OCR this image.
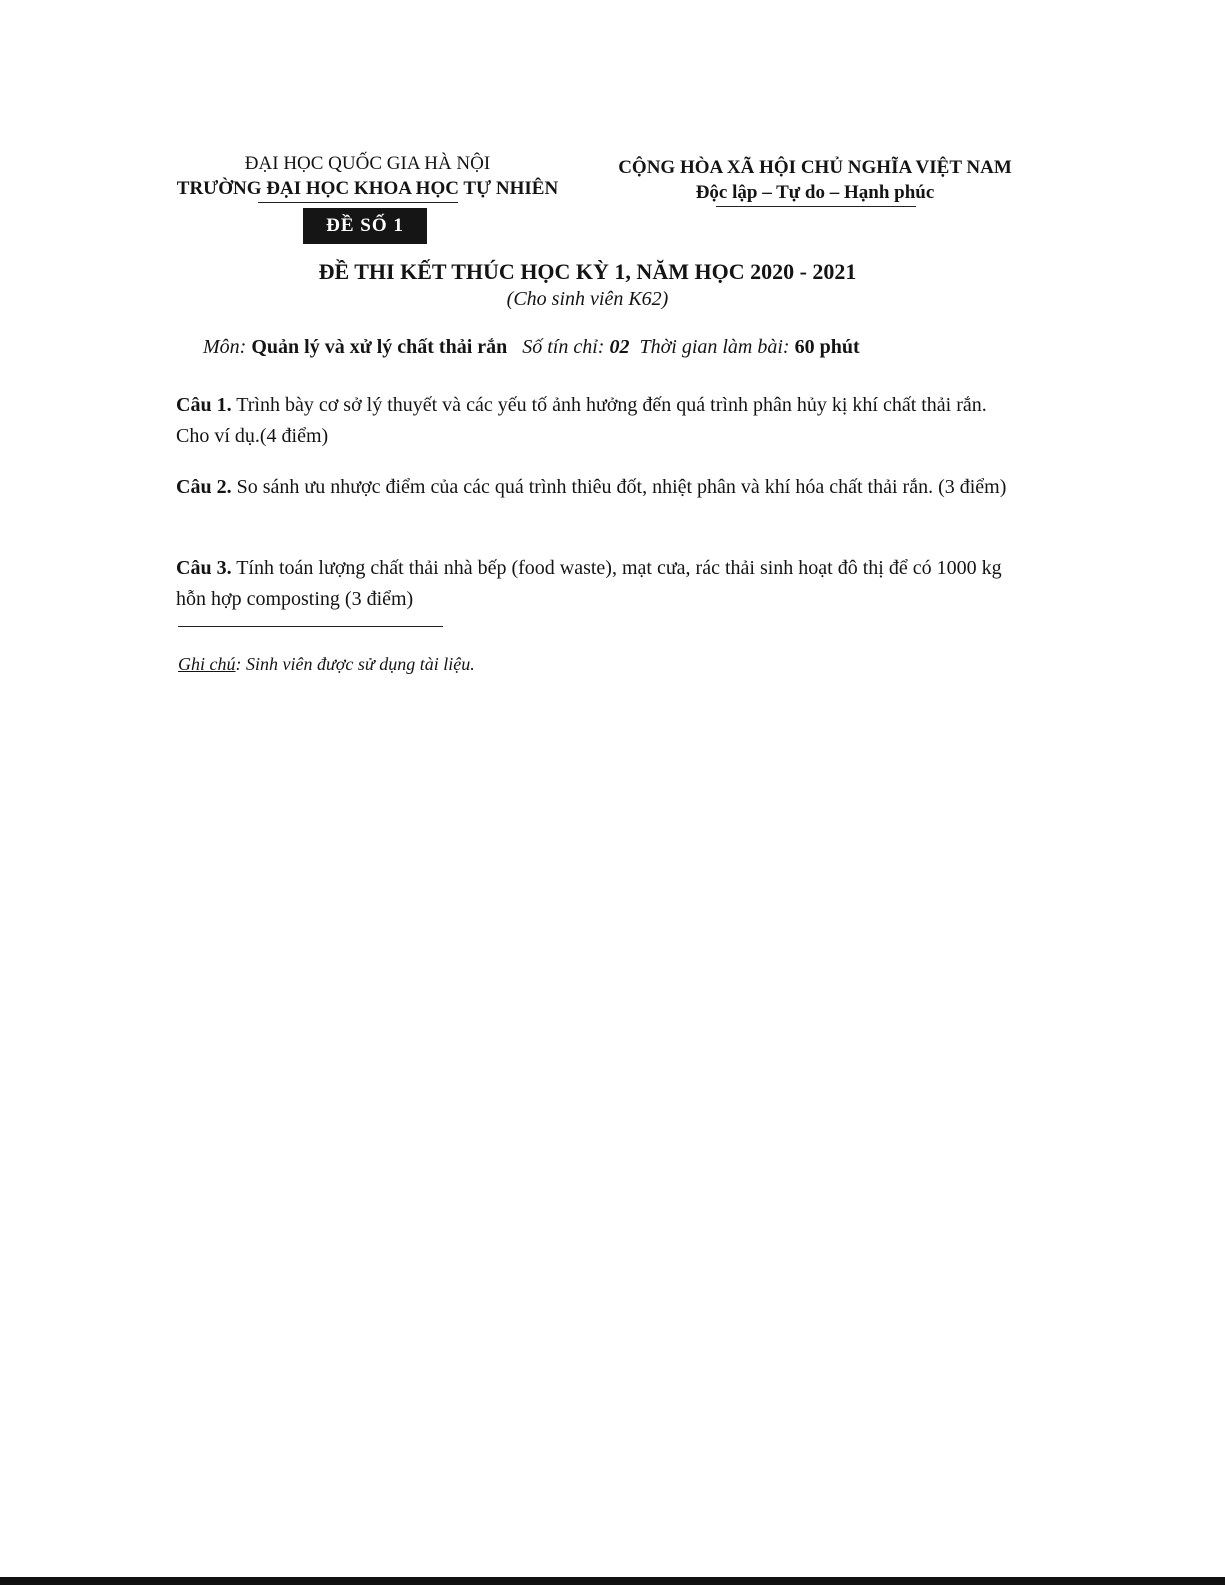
ĐẠI HỌC QUỐC GIA HÀ NỘI
TRƯỜNG ĐẠI HỌC KHOA HỌC TỰ NHIÊN
ĐỀ SỐ 1
CỘNG HÒA XÃ HỘI CHỦ NGHĨA VIỆT NAM
Độc lập – Tự do – Hạnh phúc
ĐỀ THI KẾT THÚC HỌC KỲ 1, NĂM HỌC 2020 - 2021
(Cho sinh viên K62)
Môn: Quản lý và xử lý chất thải rắn Số tín chỉ: 02 Thời gian làm bài: 60 phút
Câu 1. Trình bày cơ sở lý thuyết và các yếu tố ảnh hưởng đến quá trình phân hủy kị khí chất thải rắn. Cho ví dụ.(4 điểm)
Câu 2. So sánh ưu nhược điểm của các quá trình thiêu đốt, nhiệt phân và khí hóa chất thải rắn. (3 điểm)
Câu 3. Tính toán lượng chất thải nhà bếp (food waste), mạt cưa, rác thải sinh hoạt đô thị để có 1000 kg hỗn hợp composting (3 điểm)
Ghi chú: Sinh viên được sử dụng tài liệu.
